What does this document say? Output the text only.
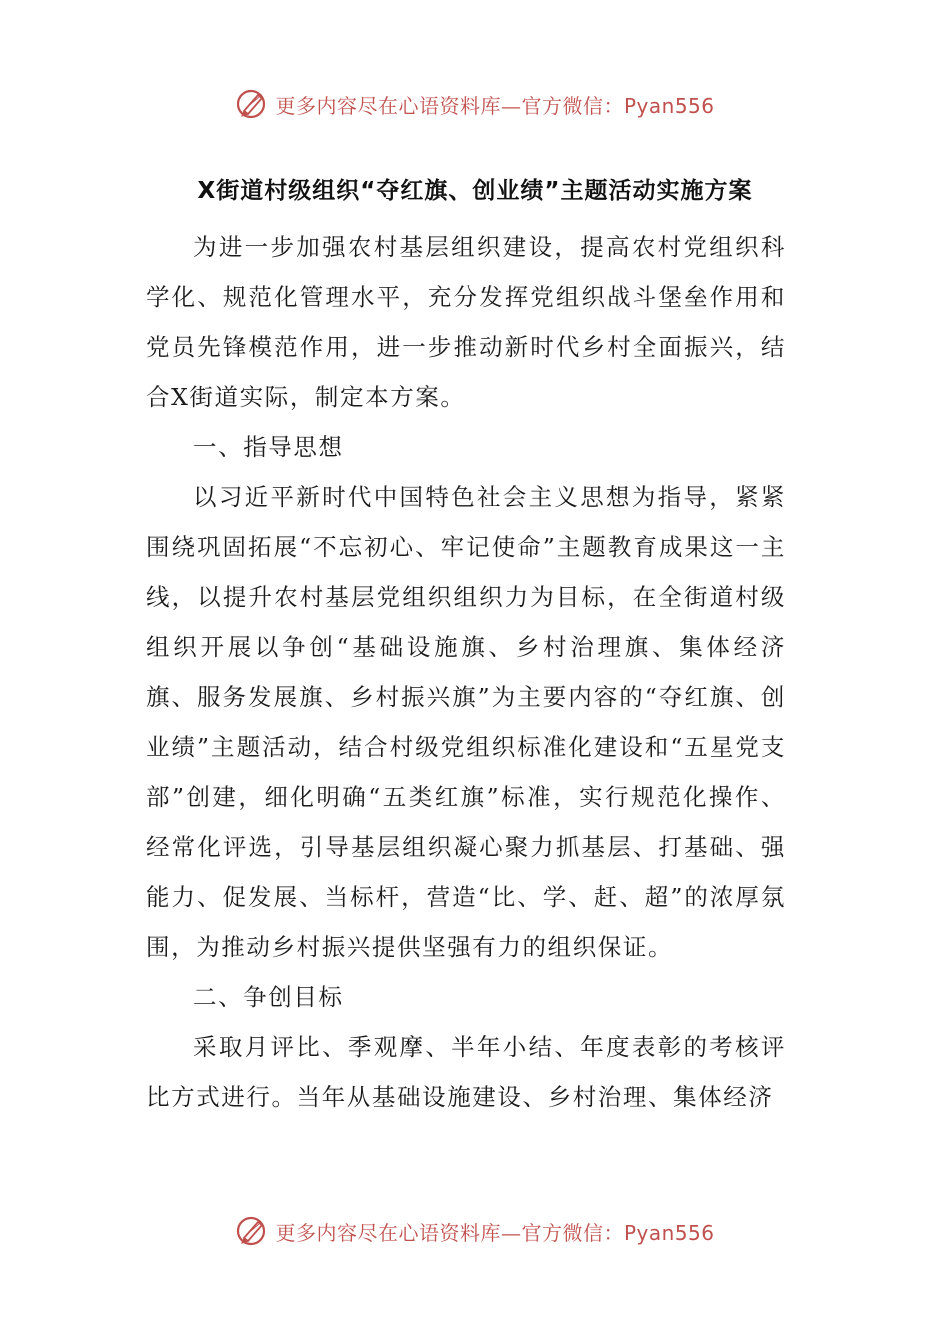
更多内容尽在心语资料库—官方微信：Pyan556
X街道村级组织“夺红旗、创业绩”主题活动实施方案

为进一步加强农村基层组织建设，提高农村党组织科学化、规范化管理水平，充分发挥党组织战斗堡垒作用和党员先锋模范作用，进一步推动新时代乡村全面振兴，结合X街道实际，制定本方案。

一、指导思想

以习近平新时代中国特色社会主义思想为指导，紧紧围绕巩固拓展“不忘初心、牢记使命”主题教育成果这一主线，以提升农村基层党组织组织力为目标，在全街道村级组织开展以争创“基础设施旗、乡村治理旗、集体经济旗、服务发展旗、乡村振兴旗”为主要内容的“夺红旗、创业绩”主题活动，结合村级党组织标准化建设和“五星党支部”创建，细化明确“五类红旗”标准，实行规范化操作、经常化评选，引导基层组织凝心聚力抓基层、打基础、强能力、促发展、当标杆，营造“比、学、赶、超”的浓厚氛围，为推动乡村振兴提供坚强有力的组织保证。

二、争创目标

采取月评比、季观摩、半年小结、年度表彰的考核评比方式进行。当年从基础设施建设、乡村治理、集体经济

更多内容尽在心语资料库—官方微信：Pyan556
